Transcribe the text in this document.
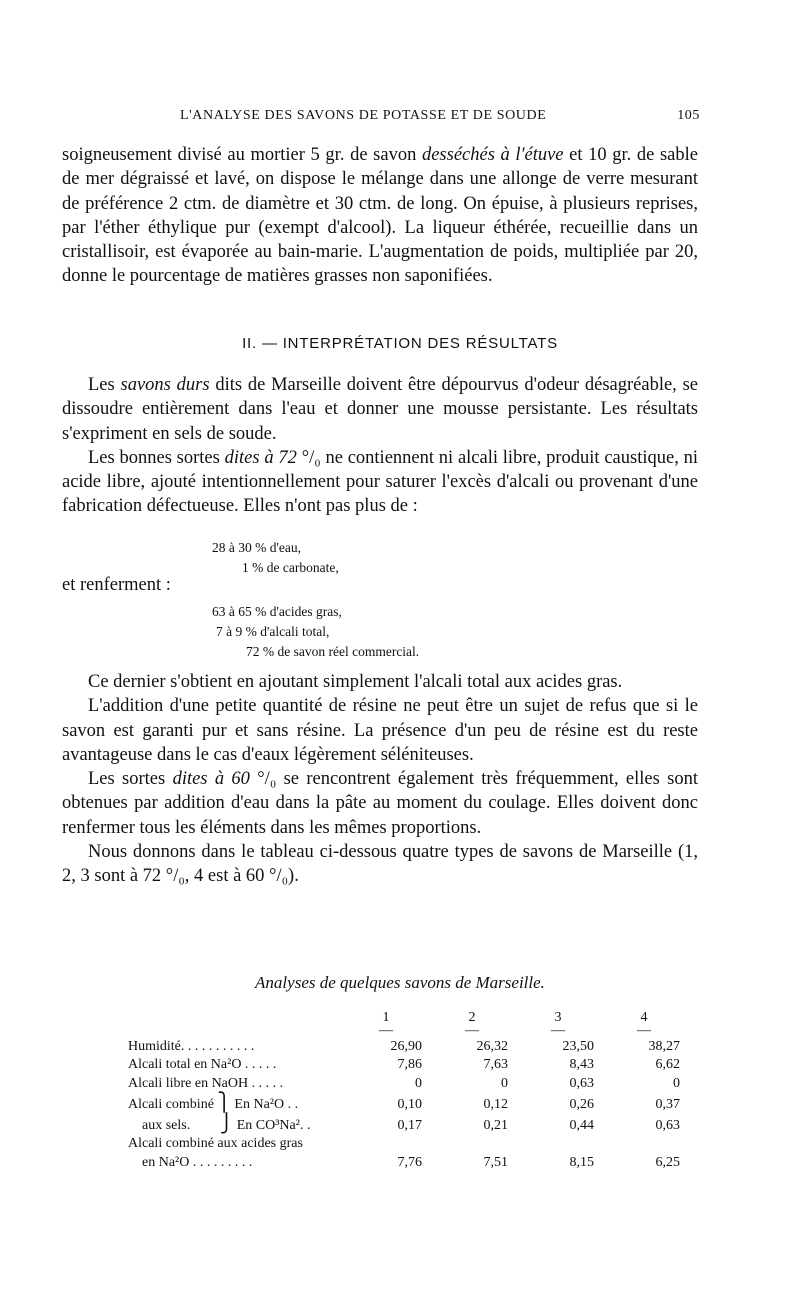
L'ANALYSE DES SAVONS DE POTASSE ET DE SOUDE	105

soigneusement divisé au mortier 5 gr. de savon desséchés à l'étuve et 10 gr. de sable de mer dégraissé et lavé, on dispose le mélange dans une allonge de verre mesurant de préférence 2 ctm. de diamètre et 30 ctm. de long. On épuise, à plusieurs reprises, par l'éther éthylique pur (exempt d'alcool). La liqueur éthérée, recueillie dans un cristallisoir, est évaporée au bain-marie. L'augmentation de poids, multipliée par 20, donne le pourcentage de matières grasses non saponifiées.

II. — INTERPRÉTATION DES RÉSULTATS

Les savons durs dits de Marseille doivent être dépourvus d'odeur désagréable, se dissoudre entièrement dans l'eau et donner une mousse persistante. Les résultats s'expriment en sels de soude.

Les bonnes sortes dites à 72 °/₀ ne contiennent ni alcali libre, produit caustique, ni acide libre, ajouté intentionnellement pour saturer l'excès d'alcali ou provenant d'une fabrication défectueuse. Elles n'ont pas plus de :

28 à 30 % d'eau,
1 % de carbonate,
et renferment :
63 à 65 % d'acides gras,
7 à 9 % d'alcali total,
72 % de savon réel commercial.

Ce dernier s'obtient en ajoutant simplement l'alcali total aux acides gras.

L'addition d'une petite quantité de résine ne peut être un sujet de refus que si le savon est garanti pur et sans résine. La présence d'un peu de résine est du reste avantageuse dans le cas d'eaux légèrement séléniteuses.

Les sortes dites à 60 °/₀ se rencontrent également très fréquemment, elles sont obtenues par addition d'eau dans la pâte au moment du coulage. Elles doivent donc renfermer tous les éléments dans les mêmes proportions.

Nous donnons dans le tableau ci-dessous quatre types de savons de Marseille (1, 2, 3 sont à 72 °/₀, 4 est à 60 °/₀).

Analyses de quelques savons de Marseille.
	1
—	2
—	3
—	4
—

Humidité. . . . . . . . . . .	26,90	26,32	23,50	38,27
Alcali total en Na²O . . . . .	7,86	7,63	8,43	6,62
Alcali libre en NaOH . . . . .	0	0	0,63	0
Alcali combiné ⎫ En Na²O . .	0,10	0,12	0,26	0,37
aux sels. ⎭ En CO³Na². .	0,17	0,21	0,44	0,63
Alcali combiné aux acides gras				
en Na²O . . . . . . . . .	7,76	7,51	8,15	6,25
